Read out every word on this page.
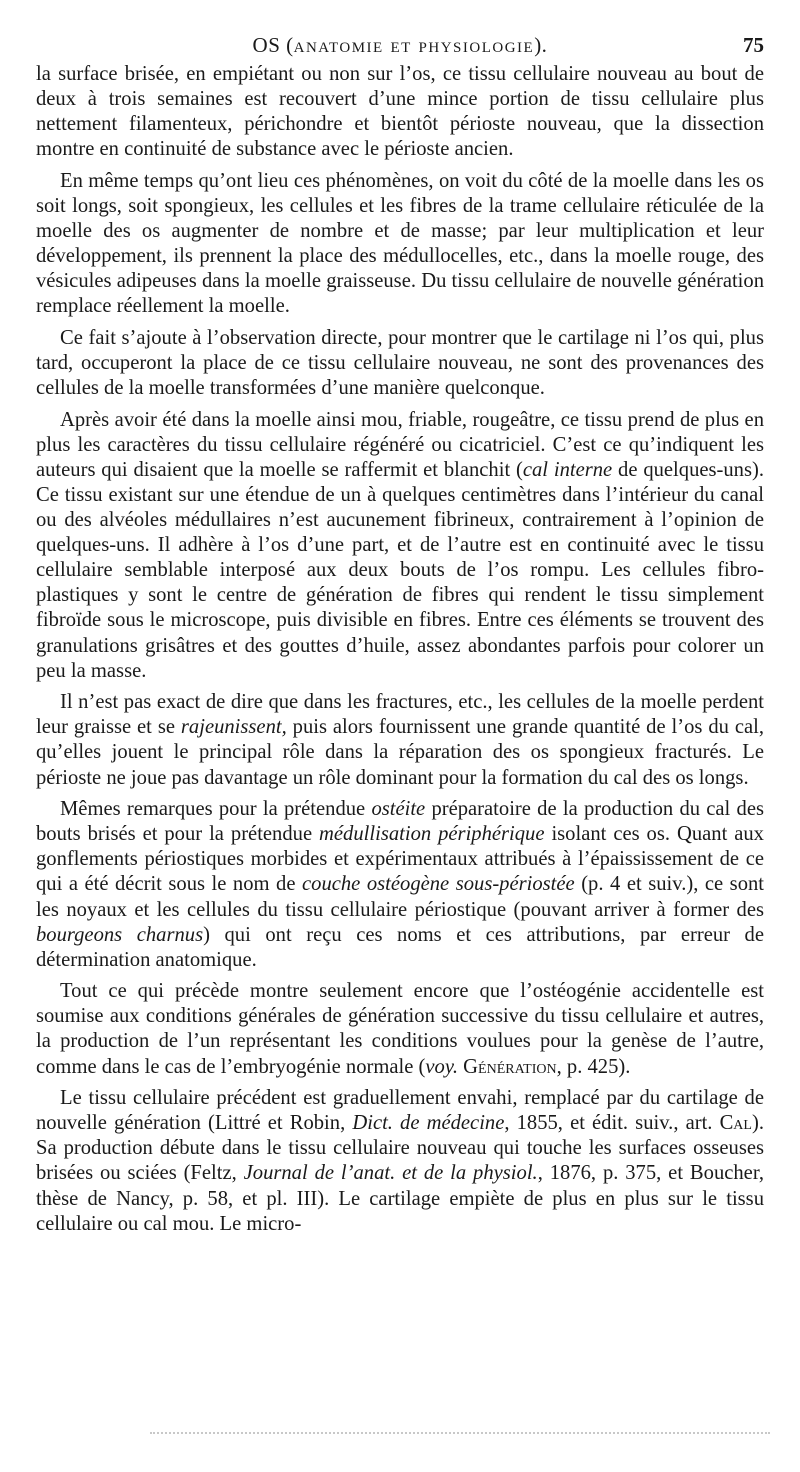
OS (anatomie et physiologie).	75

la surface brisée, en empiétant ou non sur l’os, ce tissu cellulaire nouveau au bout de deux à trois semaines est recouvert d’une mince portion de tissu cellulaire plus nettement filamenteux, périchondre et bientôt périoste nouveau, que la dissection montre en continuité de substance avec le périoste ancien.

En même temps qu’ont lieu ces phénomènes, on voit du côté de la moelle dans les os soit longs, soit spongieux, les cellules et les fibres de la trame cellulaire réticulée de la moelle des os augmenter de nombre et de masse; par leur multiplication et leur développement, ils prennent la place des médullocelles, etc., dans la moelle rouge, des vésicules adipeuses dans la moelle graisseuse. Du tissu cellulaire de nouvelle génération remplace réellement la moelle.

Ce fait s’ajoute à l’observation directe, pour montrer que le cartilage ni l’os qui, plus tard, occuperont la place de ce tissu cellulaire nouveau, ne sont des provenances des cellules de la moelle transformées d’une manière quelconque.

Après avoir été dans la moelle ainsi mou, friable, rougeâtre, ce tissu prend de plus en plus les caractères du tissu cellulaire régénéré ou cicatriciel. C’est ce qu’indiquent les auteurs qui disaient que la moelle se raffermit et blanchit (cal interne de quelques-uns). Ce tissu existant sur une étendue de un à quelques centimètres dans l’intérieur du canal ou des alvéoles médullaires n’est aucunement fibrineux, contrairement à l’opinion de quelques-uns. Il adhère à l’os d’une part, et de l’autre est en continuité avec le tissu cellulaire semblable interposé aux deux bouts de l’os rompu. Les cellules fibro-plastiques y sont le centre de génération de fibres qui rendent le tissu simplement fibroïde sous le microscope, puis divisible en fibres. Entre ces éléments se trouvent des granulations grisâtres et des gouttes d’huile, assez abondantes parfois pour colorer un peu la masse.

Il n’est pas exact de dire que dans les fractures, etc., les cellules de la moelle perdent leur graisse et se rajeunissent, puis alors fournissent une grande quantité de l’os du cal, qu’elles jouent le principal rôle dans la réparation des os spongieux fracturés. Le périoste ne joue pas davantage un rôle dominant pour la formation du cal des os longs.

Mêmes remarques pour la prétendue ostéite préparatoire de la production du cal des bouts brisés et pour la prétendue médullisation périphérique isolant ces os. Quant aux gonflements périostiques morbides et expérimentaux attribués à l’épaississement de ce qui a été décrit sous le nom de couche ostéogène sous-périostée (p. 4 et suiv.), ce sont les noyaux et les cellules du tissu cellulaire périostique (pouvant arriver à former des bourgeons charnus) qui ont reçu ces noms et ces attributions, par erreur de détermination anatomique.

Tout ce qui précède montre seulement encore que l’ostéogénie accidentelle est soumise aux conditions générales de génération successive du tissu cellulaire et autres, la production de l’un représentant les conditions voulues pour la genèse de l’autre, comme dans le cas de l’embryogénie normale (voy. Génération, p. 425).

Le tissu cellulaire précédent est graduellement envahi, remplacé par du cartilage de nouvelle génération (Littré et Robin, Dict. de médecine, 1855, et édit. suiv., art. Cal). Sa production débute dans le tissu cellulaire nouveau qui touche les surfaces osseuses brisées ou sciées (Feltz, Journal de l’anat. et de la physiol., 1876, p. 375, et Boucher, thèse de Nancy, p. 58, et pl. III). Le cartilage empiète de plus en plus sur le tissu cellulaire ou cal mou. Le micro-
